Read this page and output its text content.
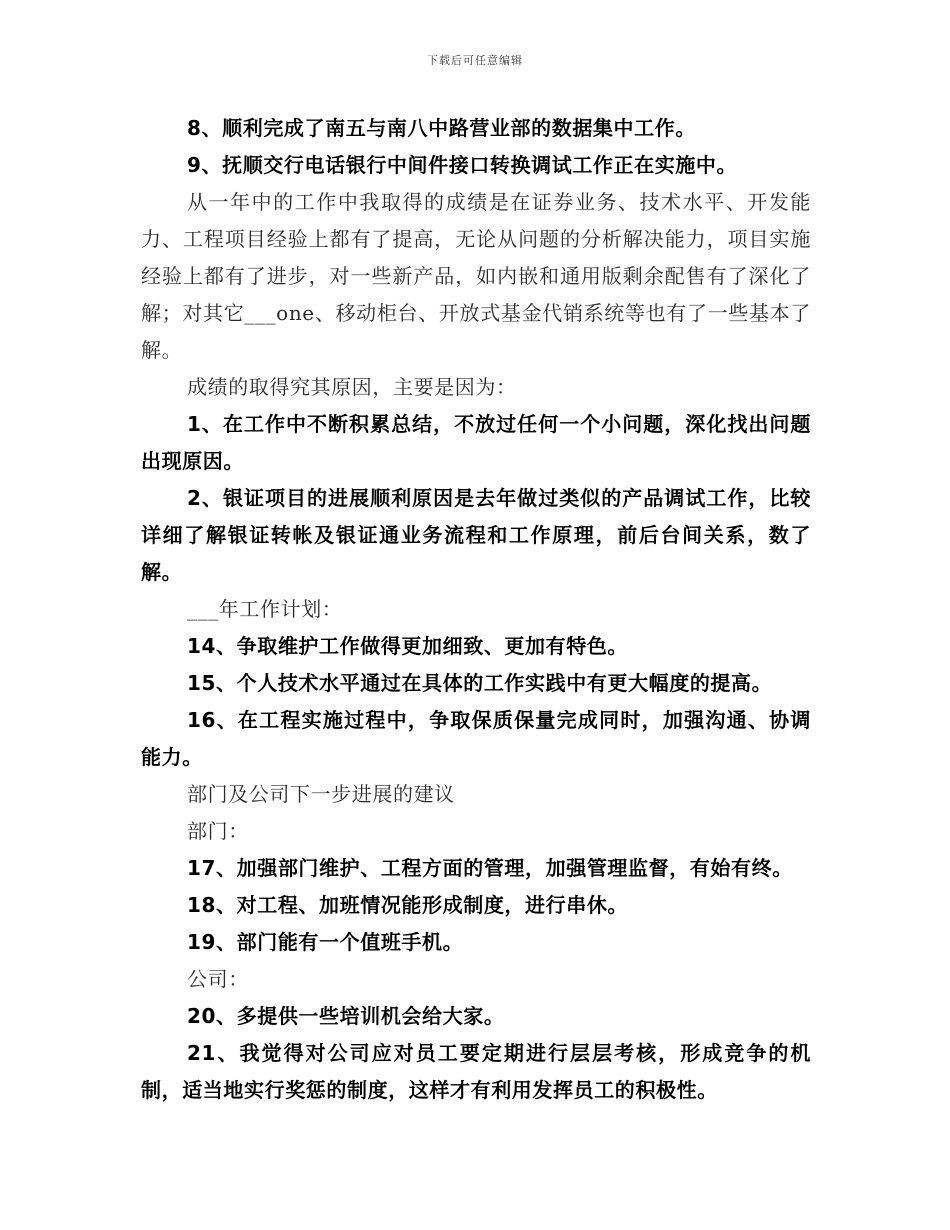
下载后可任意编辑

8、顺利完成了南五与南八中路营业部的数据集中工作。

9、抚顺交行电话银行中间件接口转换调试工作正在实施中。

从一年中的工作中我取得的成绩是在证券业务、技术水平、开发能力、工程项目经验上都有了提高，无论从问题的分析解决能力，项目实施经验上都有了进步，对一些新产品，如内嵌和通用版剩余配售有了深化了解；对其它___one、移动柜台、开放式基金代销系统等也有了一些基本了解。

成绩的取得究其原因，主要是因为：

1、在工作中不断积累总结，不放过任何一个小问题，深化找出问题出现原因。

2、银证项目的进展顺利原因是去年做过类似的产品调试工作，比较详细了解银证转帐及银证通业务流程和工作原理，前后台间关系，数了解。

___年工作计划：

14、争取维护工作做得更加细致、更加有特色。

15、个人技术水平通过在具体的工作实践中有更大幅度的提高。

16、在工程实施过程中，争取保质保量完成同时，加强沟通、协调能力。

部门及公司下一步进展的建议

部门：

17、加强部门维护、工程方面的管理，加强管理监督，有始有终。

18、对工程、加班情况能形成制度，进行串休。

19、部门能有一个值班手机。

公司：

20、多提供一些培训机会给大家。

21、我觉得对公司应对员工要定期进行层层考核，形成竞争的机制，适当地实行奖惩的制度，这样才有利用发挥员工的积极性。
